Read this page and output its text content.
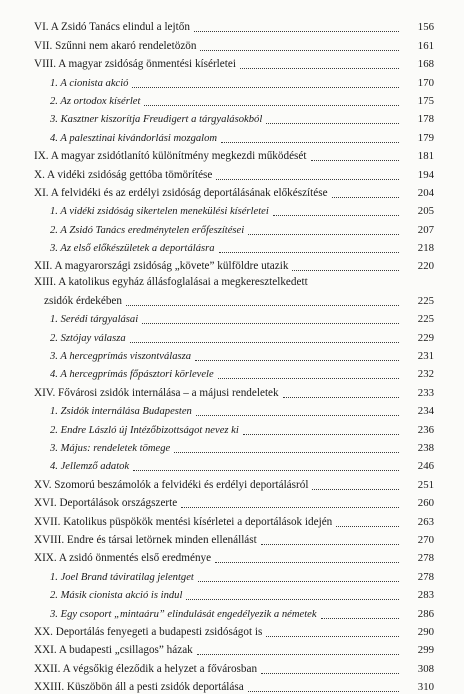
VI. A Zsidó Tanács elindul a lejtőn	156
VII. Szűnni nem akaró rendeletözön	161
VIII. A magyar zsidóság önmentési kísérletei	168
1. A cionista akció	170
2. Az ortodox kísérlet	175
3. Kasztner kiszorítja Freudigert a tárgyalásokból	178
4. A palesztinai kivándorlási mozgalom	179
IX. A magyar zsidótlanító különítmény megkezdi működését	181
X. A vidéki zsidóság gettóba tömörítése	194
XI. A felvidéki és az erdélyi zsidóság deportálásának előkészítése	204
1. A vidéki zsidóság sikertelen menekülési kísérletei	205
2. A Zsidó Tanács eredménytelen erőfeszítései	207
3. Az első előkészületek a deportálásra	218
XII. A magyarországi zsidóság „követe” külföldre utazik	220
XIII. A katolikus egyház állásfoglalásai a megkeresztelkedett
zsidók érdekében	225
1. Serédi tárgyalásai	225
2. Sztójay válasza	229
3. A hercegprímás viszontválasza	231
4. A hercegprímás főpásztori körlevele	232
XIV. Fővárosi zsidók internálása – a májusi rendeletek	233
1. Zsidók internálása Budapesten	234
2. Endre László új Intézőbizottságot nevez ki	236
3. Május: rendeletek tömege	238
4. Jellemző adatok	246
XV. Szomorú beszámolók a felvidéki és erdélyi deportálásról	251
XVI. Deportálások országszerte	260
XVII. Katolikus püspökök mentési kísérletei a deportálások idején	263
XVIII. Endre és társai letörnek minden ellenállást	270
XIX. A zsidó önmentés első eredménye	278
1. Joel Brand táviratilag jelentget	278
2. Másik cionista akció is indul	283
3. Egy csoport „mintaáru” elindulását engedélyezik a németek	286
XX. Deportálás fenyegeti a budapesti zsidóságot is	290
XXI. A budapesti „csillagos” házak	299
XXII. A végsőkig éleződik a helyzet a fővárosban	308
XXIII. Küszöbön áll a pesti zsidók deportálása	310
